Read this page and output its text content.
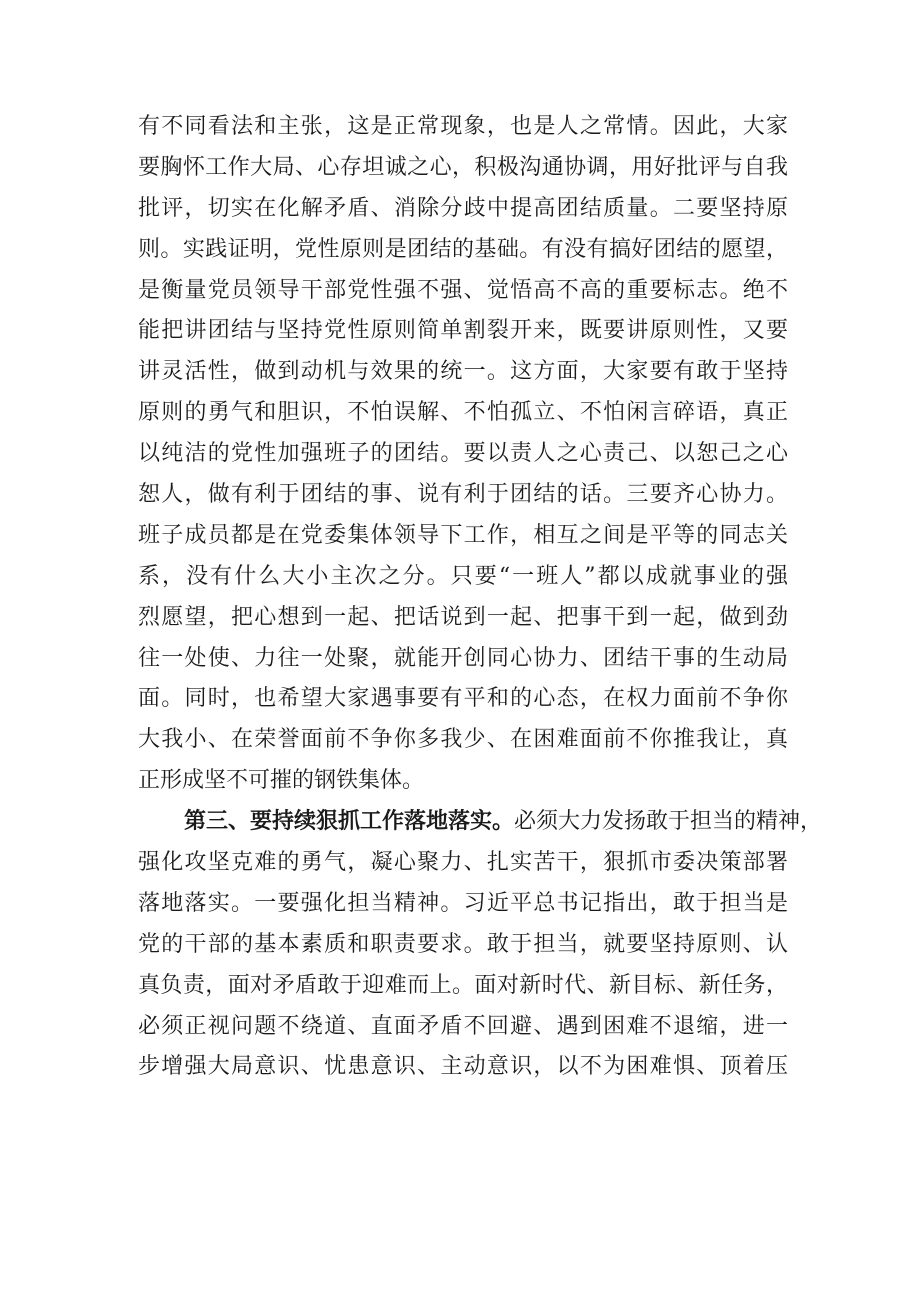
有不同看法和主张，这是正常现象，也是人之常情。因此，大家
要胸怀工作大局、心存坦诚之心，积极沟通协调，用好批评与自我
批评，切实在化解矛盾、消除分歧中提高团结质量。二要坚持原
则。实践证明，党性原则是团结的基础。有没有搞好团结的愿望，
是衡量党员领导干部党性强不强、觉悟高不高的重要标志。绝不
能把讲团结与坚持党性原则简单割裂开来，既要讲原则性，又要
讲灵活性，做到动机与效果的统一。这方面，大家要有敢于坚持
原则的勇气和胆识，不怕误解、不怕孤立、不怕闲言碎语，真正
以纯洁的党性加强班子的团结。要以责人之心责己、以恕己之心
恕人，做有利于团结的事、说有利于团结的话。三要齐心协力。
班子成员都是在党委集体领导下工作，相互之间是平等的同志关
系，没有什么大小主次之分。只要“一班人”都以成就事业的强
烈愿望，把心想到一起、把话说到一起、把事干到一起，做到劲
往一处使、力往一处聚，就能开创同心协力、团结干事的生动局
面。同时，也希望大家遇事要有平和的心态，在权力面前不争你
大我小、在荣誉面前不争你多我少、在困难面前不你推我让，真
正形成坚不可摧的钢铁集体。
第三、要持续狠抓工作落地落实。必须大力发扬敢于担当的精神，
强化攻坚克难的勇气，凝心聚力、扎实苦干，狠抓市委决策部署
落地落实。一要强化担当精神。习近平总书记指出，敢于担当是
党的干部的基本素质和职责要求。敢于担当，就要坚持原则、认
真负责，面对矛盾敢于迎难而上。面对新时代、新目标、新任务，
必须正视问题不绕道、直面矛盾不回避、遇到困难不退缩，进一
步增强大局意识、忧患意识、主动意识，以不为困难惧、顶着压
